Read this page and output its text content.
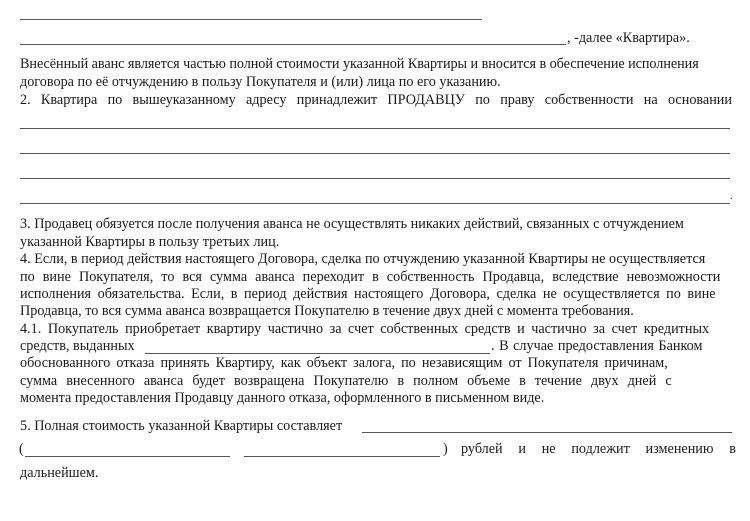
, -далее «Квартира».
Внесённый аванс является частью полной стоимости указанной Квартиры и вносится в обеспечение исполнения
договора по её отчуждению в пользу Покупателя и (или) лица по его указанию.
2. Квартира по вышеуказанному адресу принадлежит ПРОДАВЦУ по праву собственности на основании
.
3. Продавец обязуется после получения аванса не осуществлять никаких действий, связанных с отчуждением
указанной Квартиры в пользу третьих лиц.
4. Если, в период действия настоящего Договора, сделка по отчуждению указанной Квартиры не осуществляется
по вине Покупателя, то вся сумма аванса переходит в собственность Продавца, вследствие невозможности
исполнения обязательства. Если, в период действия настоящего Договора, сделка не осуществляется по вине
Продавца, то вся сумма аванса возвращается Покупателю в течение двух дней с момента требования.
4.1. Покупатель приобретает квартиру частично за счет собственных средств и частично за счет кредитных
средств, выданных	. В случае предоставления Банком
обоснованного отказа принять Квартиру, как объект залога, по независящим от Покупателя причинам,
сумма внесенного аванса будет возвращена Покупателю в полном объеме в течение двух дней с
момента предоставления Продавцу данного отказа, оформленного в письменном виде.
5. Полная стоимость указанной Квартиры составляет
(	) рублей и не подлежит изменению в
дальнейшем.
